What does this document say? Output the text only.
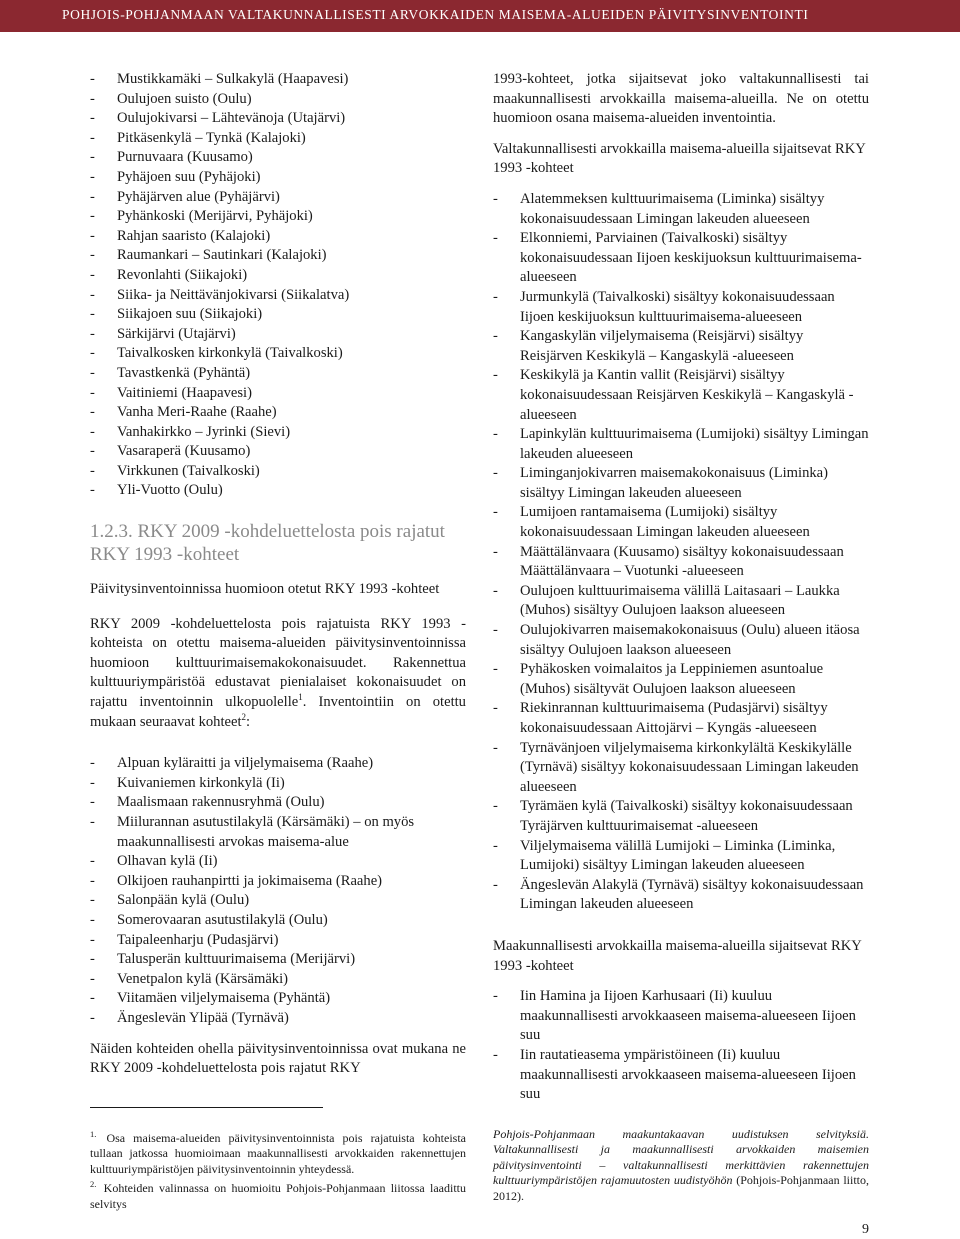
POHJOIS-POHJANMAAN VALTAKUNNALLISESTI ARVOKKAIDEN MAISEMA-ALUEIDEN PÄIVITYSINVENTOINTI
- Mustikkamäki – Sulkakylä (Haapavesi)
- Oulujoen suisto (Oulu)
- Oulujokivarsi – Lähtevänoja (Utajärvi)
- Pitkäsenkylä – Tynkä (Kalajoki)
- Purnuvaara (Kuusamo)
- Pyhäjoen suu (Pyhäjoki)
- Pyhäjärven alue (Pyhäjärvi)
- Pyhänkoski (Merijärvi, Pyhäjoki)
- Rahjan saaristo (Kalajoki)
- Raumankari – Sautinkari (Kalajoki)
- Revonlahti (Siikajoki)
- Siika- ja Neittävänjokivarsi (Siikalatva)
- Siikajoen suu (Siikajoki)
- Särkijärvi (Utajärvi)
- Taivalkosken kirkonkylä (Taivalkoski)
- Tavastkenkä (Pyhäntä)
- Vaitiniemi (Haapavesi)
- Vanha Meri-Raahe (Raahe)
- Vanhakirkko – Jyrinki (Sievi)
- Vasaraperä (Kuusamo)
- Virkkunen (Taivalkoski)
- Yli-Vuotto (Oulu)
1.2.3. RKY 2009 -kohdeluettelosta pois rajatut RKY 1993 -kohteet
Päivitysinventoinnissa huomioon otetut RKY 1993 -kohteet

RKY 2009 -kohdeluettelosta pois rajatuista RKY 1993 -kohteista on otettu maisema-alueiden päivitysinventoinnissa huomioon kulttuurimaisemakokonaisuudet. Rakennettua kulttuuriympäristöä edustavat pienialaiset kokonaisuudet on rajattu inventoinnin ulkopuolelle$^1$. Inventointiin on otettu mukaan seuraavat kohteet$^2$:

- Alpuan kyläraitti ja viljelymaisema (Raahe)
- Kuivaniemen kirkonkylä (Ii)
- Maalismaan rakennusryhmä (Oulu)
- Miilurannan asutustilakylä (Kärsämäki) – on myös maakunnallisesti arvokas maisema-alue
- Olhavan kylä (Ii)
- Olkijoen rauhanpirtti ja jokimaisema (Raahe)
- Salonpään kylä (Oulu)
- Somerovaaran asutustilakylä (Oulu)
- Taipaleenharju (Pudasjärvi)
- Talusperän kulttuurimaisema (Merijärvi)
- Venetpalon kylä (Kärsämäki)
- Viitamäen viljelymaisema (Pyhäntä)
- Ängeslevän Ylipää (Tyrnävä)

Näiden kohteiden ohella päivitysinventoinnissa ovat mukana ne RKY 2009 -kohdeluettelosta pois rajatut RKY

1993-kohteet, jotka sijaitsevat joko valtakunnallisesti tai maakunnallisesti arvokkailla maisema-alueilla. Ne on otettu huomioon osana maisema-alueiden inventointia.

Valtakunnallisesti arvokkailla maisema-alueilla sijaitsevat RKY 1993 -kohteet
- Alatemmeksen kulttuurimaisema (Liminka) sisältyy kokonaisuudessaan Limingan lakeuden alueeseen
- Elkonniemi, Parviainen (Taivalkoski) sisältyy kokonaisuudessaan Iijoen keskijuoksun kulttuurimaisema-alueeseen
- Jurmunkylä (Taivalkoski) sisältyy kokonaisuudessaan Iijoen keskijuoksun kulttuurimaisema-alueeseen
- Kangaskylän viljelymaisema (Reisjärvi) sisältyy Reisjärven Keskikylä – Kangaskylä -alueeseen
- Keskikylä ja Kantin vallit (Reisjärvi) sisältyy kokonaisuudessaan Reisjärven Keskikylä – Kangaskylä -alueeseen
- Lapinkylän kulttuurimaisema (Lumijoki) sisältyy Limingan lakeuden alueeseen
- Liminganjokivarren maisemakokonaisuus (Liminka) sisältyy Limingan lakeuden alueeseen
- Lumijoen rantamaisema (Lumijoki) sisältyy kokonaisuudessaan Limingan lakeuden alueeseen
- Määttälänvaara (Kuusamo) sisältyy kokonaisuudessaan Määttälänvaara – Vuotunki -alueeseen
- Oulujoen kulttuurimaisema välillä Laitasaari – Laukka (Muhos) sisältyy Oulujoen laakson alueeseen
- Oulujokivarren maisemakokonaisuus (Oulu) alueen itäosa sisältyy Oulujoen laakson alueeseen
- Pyhäkosken voimalaitos ja Leppiniemen asuntoalue (Muhos) sisältyvät Oulujoen laakson alueeseen
- Riekinrannan kulttuurimaisema (Pudasjärvi) sisältyy kokonaisuudessaan Aittojärvi – Kyngäs -alueeseen
- Tyrnävänjoen viljelymaisema kirkonkylältä Keskikylälle (Tyrnävä) sisältyy kokonaisuudessaan Limingan lakeuden alueeseen
- Tyrämäen kylä (Taivalkoski) sisältyy kokonaisuudessaan Tyräjärven kulttuurimaisemat -alueeseen
- Viljelymaisema välillä Lumijoki – Liminka (Liminka, Lumijoki) sisältyy Limingan lakeuden alueeseen
- Ängeslevän Alakylä (Tyrnävä) sisältyy kokonaisuudessaan Limingan lakeuden alueeseen
Maakunnallisesti arvokkailla maisema-alueilla sijaitsevat RKY 1993 -kohteet
- Iin Hamina ja Iijoen Karhusaari (Ii) kuuluu maakunnallisesti arvokkaaseen maisema-alueeseen Iijoen suu
- Iin rautatieasema ympäristöineen (Ii) kuuluu maakunnallisesti arvokkaaseen maisema-alueeseen Iijoen suu
$^{1.}$ Osa maisema-alueiden päivitysinventoinnista pois rajatuista kohteista tullaan jatkossa huomioimaan maakunnallisesti arvokkaiden rakennettujen kulttuuriympäristöjen päivitysinventoinnin yhteydessä.
$^{2.}$ Kohteiden valinnassa on huomioitu Pohjois-Pohjanmaan liitossa laadittu selvitys
Pohjois-Pohjanmaan maakuntakaavan uudistuksen selvityksiä. Valtakunnallisesti ja maakunnallisesti arvokkaiden maisemien päivitysinventointi – valtakunnallisesti merkittävien rakennettujen kulttuuriympäristöjen rajamuutosten uudistyöhön (Pohjois-Pohjanmaan liitto, 2012).
9
